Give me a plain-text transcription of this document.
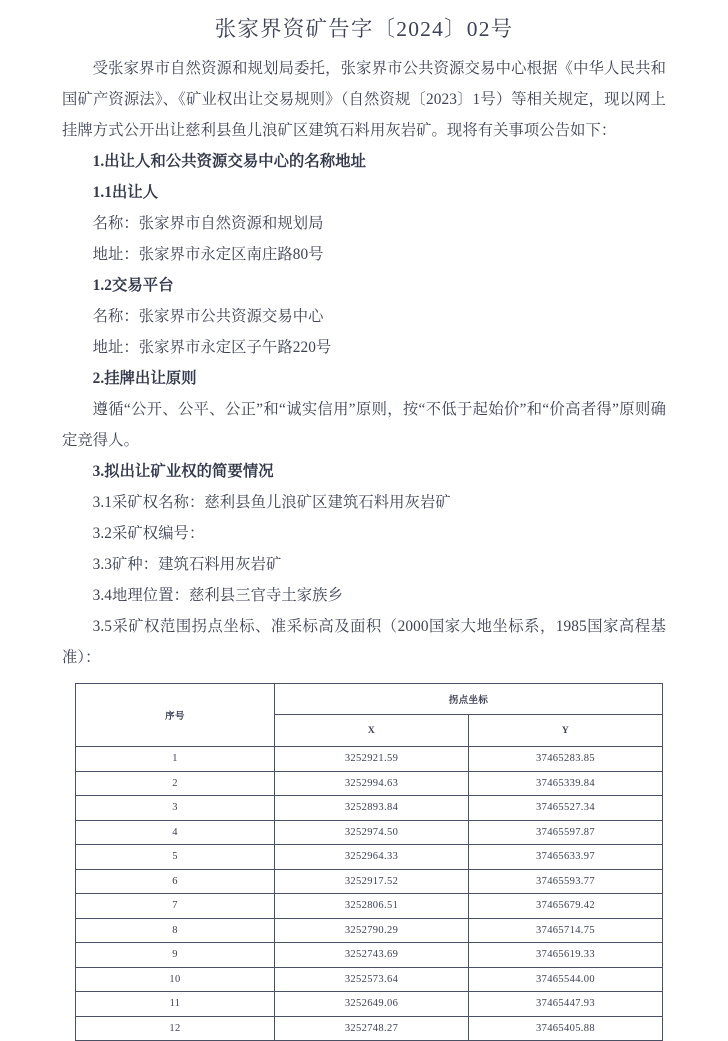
张家界资矿告字〔2024〕02号

受张家界市自然资源和规划局委托，张家界市公共资源交易中心根据《中华人民共和国矿产资源法》、《矿业权出让交易规则》（自然资规〔2023〕1号）等相关规定，现以网上挂牌方式公开出让慈利县鱼儿浪矿区建筑石料用灰岩矿。现将有关事项公告如下：

1.出让人和公共资源交易中心的名称地址

1.1出让人

名称：张家界市自然资源和规划局

地址：张家界市永定区南庄路80号

1.2交易平台

名称：张家界市公共资源交易中心

地址：张家界市永定区子午路220号

2.挂牌出让原则

遵循“公开、公平、公正”和“诚实信用”原则，按“不低于起始价”和“价高者得”原则确定竞得人。

3.拟出让矿业权的简要情况

3.1采矿权名称：慈利县鱼儿浪矿区建筑石料用灰岩矿

3.2采矿权编号：

3.3矿种：建筑石料用灰岩矿

3.4地理位置：慈利县三官寺土家族乡

3.5采矿权范围拐点坐标、准采标高及面积（2000国家大地坐标系，1985国家高程基准）：

序号	拐点坐标	
	X	Y
1	3252921.59	37465283.85
2	3252994.63	37465339.84
3	3252893.84	37465527.34
4	3252974.50	37465597.87
5	3252964.33	37465633.97
6	3252917.52	37465593.77
7	3252806.51	37465679.42
8	3252790.29	37465714.75
9	3252743.69	37465619.33
10	3252573.64	37465544.00
11	3252649.06	37465447.93
12	3252748.27	37465405.88
